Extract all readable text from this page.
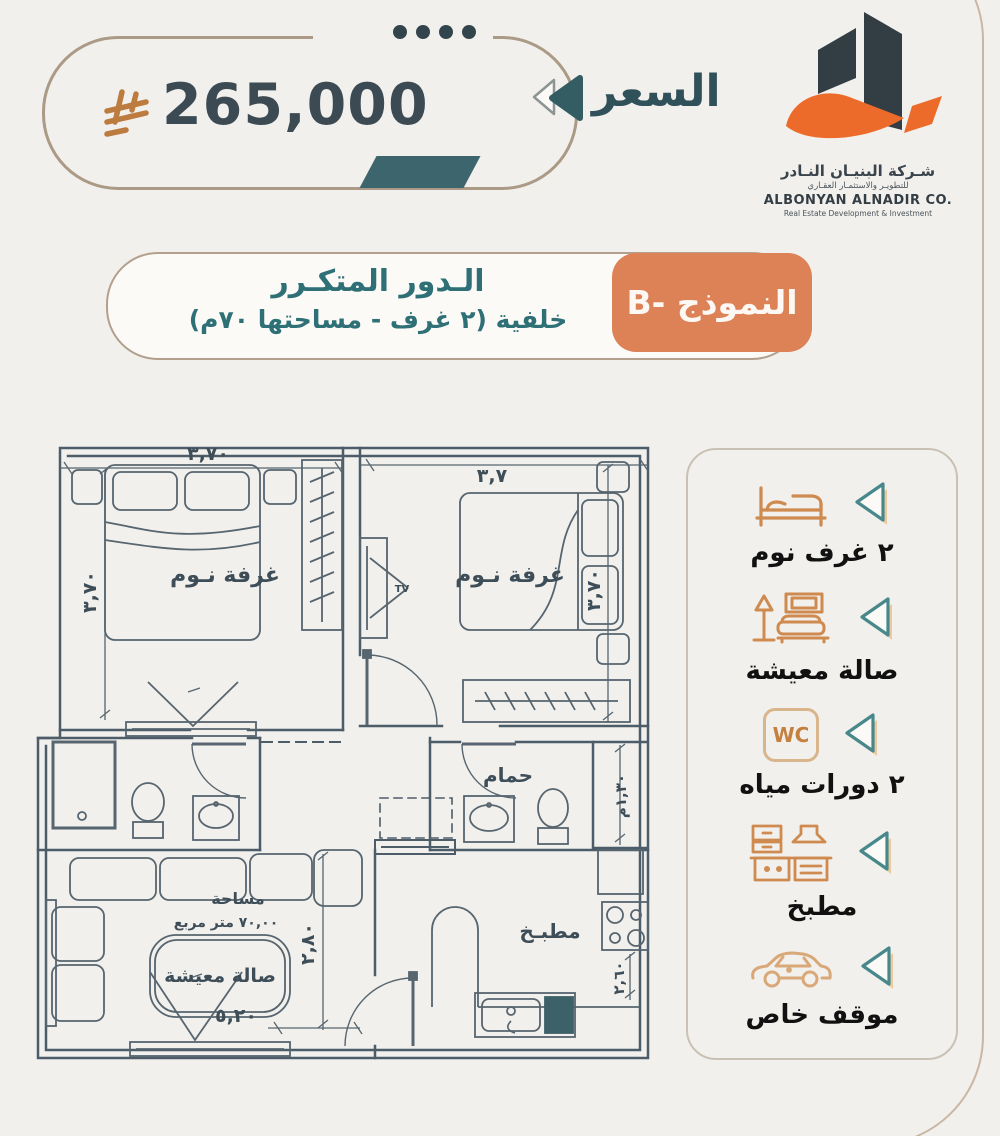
265,000	السعر
شـركة البنيـان النـادر
للتطويـر والاستثمـار العقـاري
ALBONYAN ALNADIR CO.
Real Estate Development & Investment
الـدور المتكـرر
خلفية (٢ غرف - مساحتها ٧٠م)	النموذج -B
غرفة نـوم	غرفة نـوم
حمام
مطبـخ
صالة معيشة
مساحة
٧٠,٠٠ متر مربع
TV
٣,٧٠
٣,٧٠
٣,٧
٣,٧٠
١,٣٠م
٢,٨٠
٥,٢٠
٢,٦٠
٢ غرف نوم
صالة معيشة
WC
٢ دورات مياه
مطبخ
موقف خاص
